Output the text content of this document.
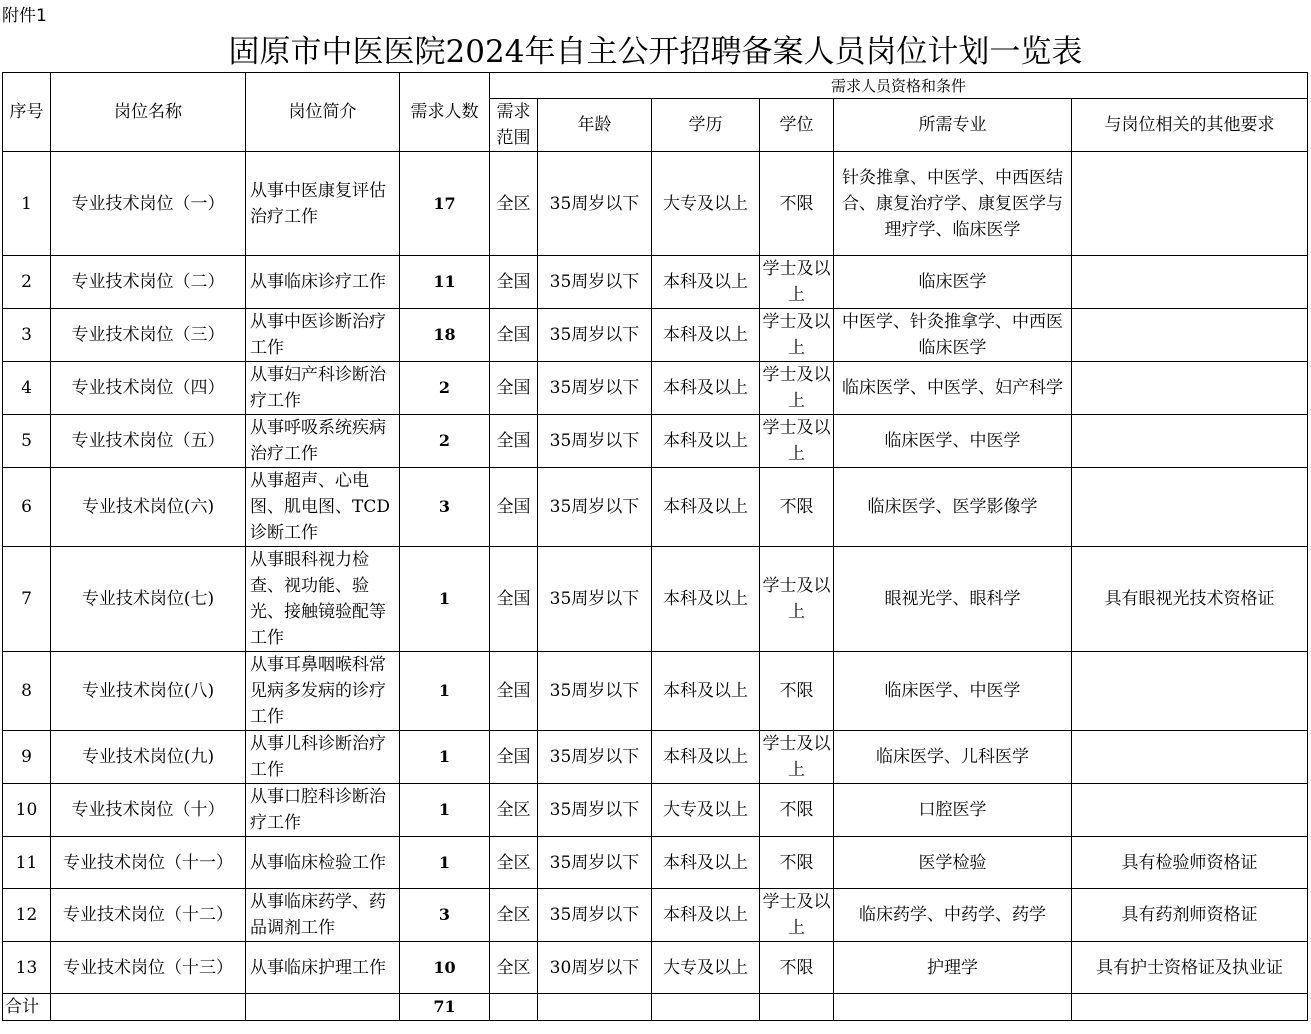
附件1
固原市中医医院2024年自主公开招聘备案人员岗位计划一览表
序号	岗位名称	岗位简介	需求人数	需求人员资格和条件					
				需求范围	年龄	学历	学位	所需专业	与岗位相关的其他要求
1	专业技术岗位（一）	从事中医康复评估治疗工作	17	全区	35周岁以下	大专及以上	不限	针灸推拿、中医学、中西医结合、康复治疗学、康复医学与理疗学、临床医学	
2	专业技术岗位（二）	从事临床诊疗工作	11	全国	35周岁以下	本科及以上	学士及以上	临床医学	
3	专业技术岗位（三）	从事中医诊断治疗工作	18	全国	35周岁以下	本科及以上	学士及以上	中医学、针灸推拿学、中西医临床医学	
4	专业技术岗位（四）	从事妇产科诊断治疗工作	2	全国	35周岁以下	本科及以上	学士及以上	临床医学、中医学、妇产科学	
5	专业技术岗位（五）	从事呼吸系统疾病治疗工作	2	全国	35周岁以下	本科及以上	学士及以上	临床医学、中医学	
6	专业技术岗位(六)	从事超声、心电图、肌电图、TCD诊断工作	3	全国	35周岁以下	本科及以上	不限	临床医学、医学影像学	
7	专业技术岗位(七)	从事眼科视力检查、视功能、验光、接触镜验配等工作	1	全国	35周岁以下	本科及以上	学士及以上	眼视光学、眼科学	具有眼视光技术资格证
8	专业技术岗位(八)	从事耳鼻咽喉科常见病多发病的诊疗工作	1	全国	35周岁以下	本科及以上	不限	临床医学、中医学	
9	专业技术岗位(九)	从事儿科诊断治疗工作	1	全国	35周岁以下	本科及以上	学士及以上	临床医学、儿科医学	
10	专业技术岗位（十）	从事口腔科诊断治疗工作	1	全区	35周岁以下	大专及以上	不限	口腔医学	
11	专业技术岗位（十一）	从事临床检验工作	1	全区	35周岁以下	本科及以上	不限	医学检验	具有检验师资格证
12	专业技术岗位（十二）	从事临床药学、药品调剂工作	3	全区	35周岁以下	本科及以上	学士及以上	临床药学、中药学、药学	具有药剂师资格证
13	专业技术岗位（十三）	从事临床护理工作	10	全区	30周岁以下	大专及以上	不限	护理学	具有护士资格证及执业证
合计			71						
